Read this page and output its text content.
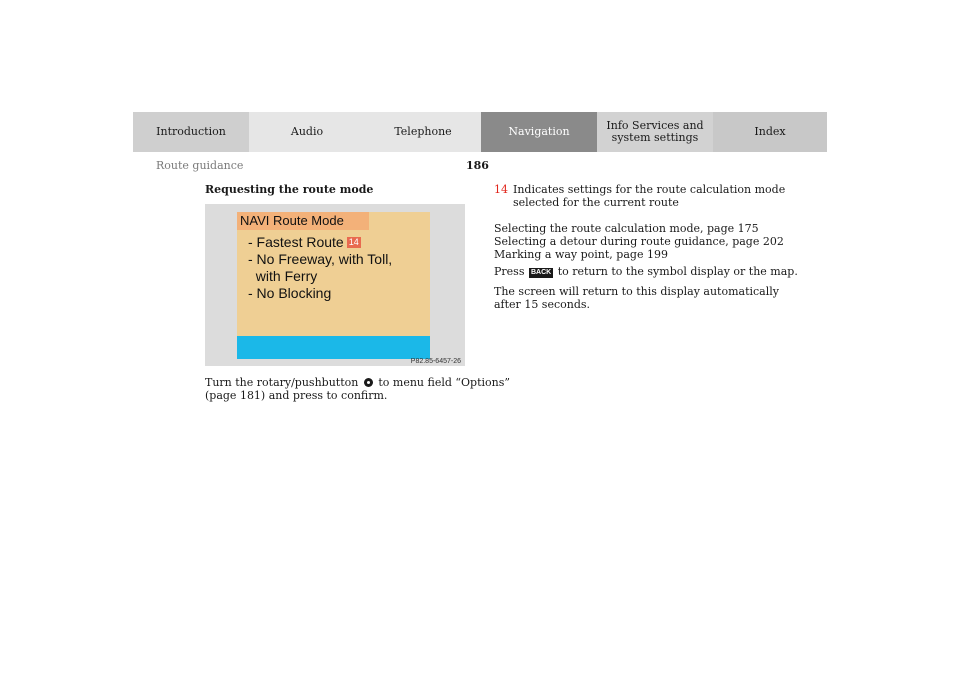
Introduction	Audio	Telephone	Navigation	Info Services and system settings	Index
Route guidance	186
Requesting the route mode
NAVI Route Mode
- Fastest Route 14
- No Freeway, with Toll,
with Ferry
- No Blocking
P82.85-6457-26
Turn the rotary/pushbutton to menu field “Options”
(page 181) and press to confirm.
14 Indicates settings for the route calculation mode
selected for the current route
Selecting the route calculation mode, page 175
Selecting a detour during route guidance, page 202
Marking a way point, page 199
Press BACK to return to the symbol display or the map.
The screen will return to this display automatically
after 15 seconds.
